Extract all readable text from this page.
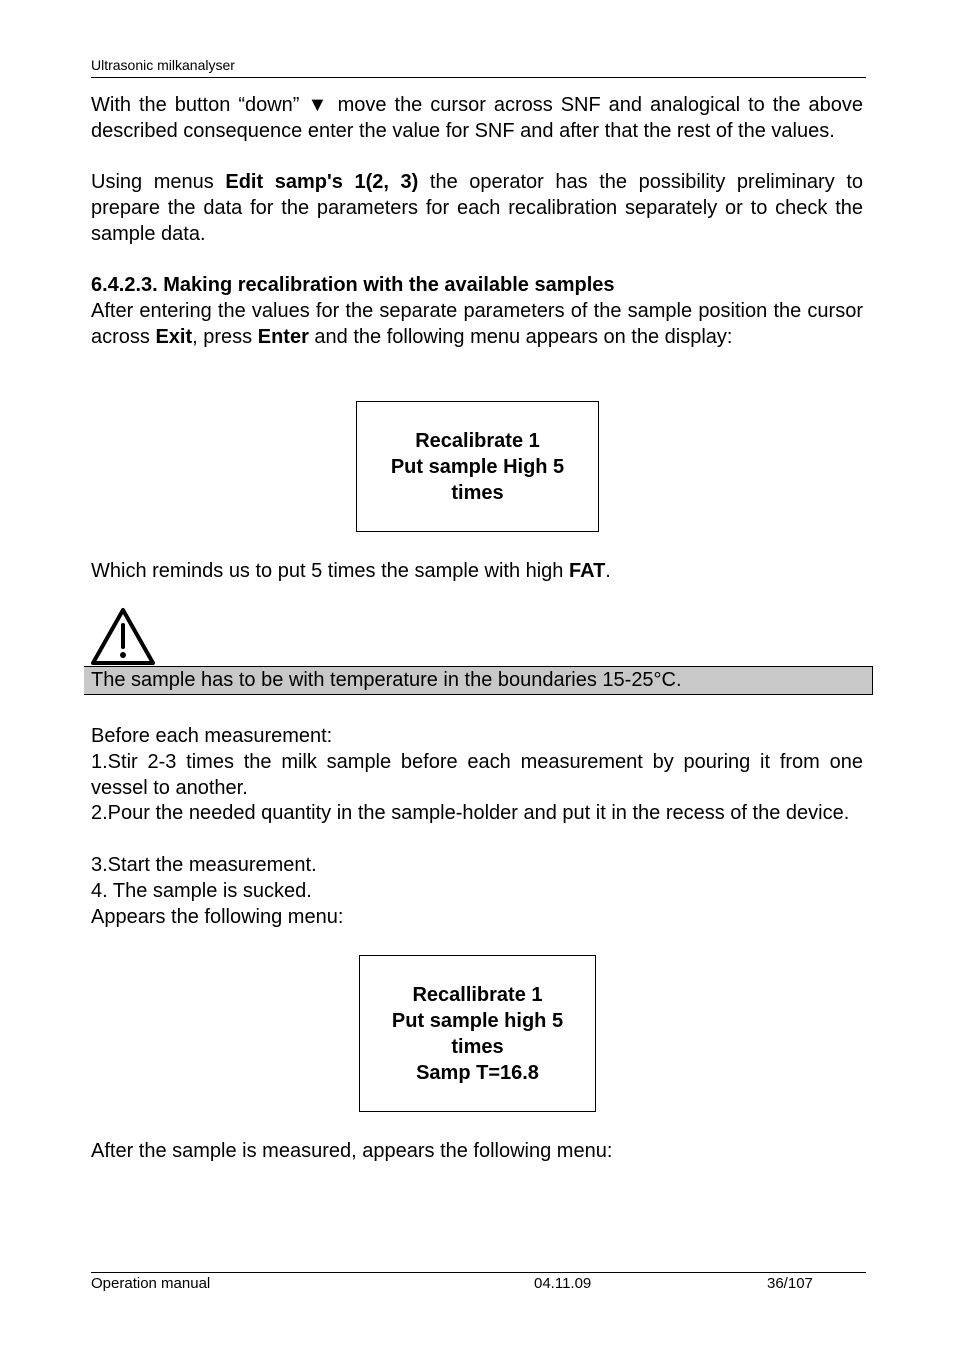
Ultrasonic milkanalyser

With the button “down” ▼ move the cursor across SNF and analogical to the above described consequence enter the value for SNF and after that the rest of the values.

Using menus Edit samp's 1(2, 3) the operator has the possibility preliminary to prepare the data for the parameters for each recalibration separately or to check the sample data.

6.4.2.3. Making recalibration with the available samples

After entering the values for the separate parameters of the sample position the cursor across Exit, press Enter and the following menu appears on the display:

Recalibrate 1
Put sample High 5
times
Which reminds us to put 5 times the sample with high FAT.
The sample has to be with temperature in the boundaries 15-25°C.
Before each measurement:

1.Stir 2-3 times the milk sample before each measurement by pouring it from one vessel to another.

2.Pour the needed quantity in the sample-holder and put it in the recess of the device.

3.Start the measurement.
4. The sample is sucked.
Appears the following menu:
Recallibrate 1
Put sample high 5
times
Samp T=16.8
After the sample is measured, appears the following menu:
Operation manual	04.11.09	36/107
